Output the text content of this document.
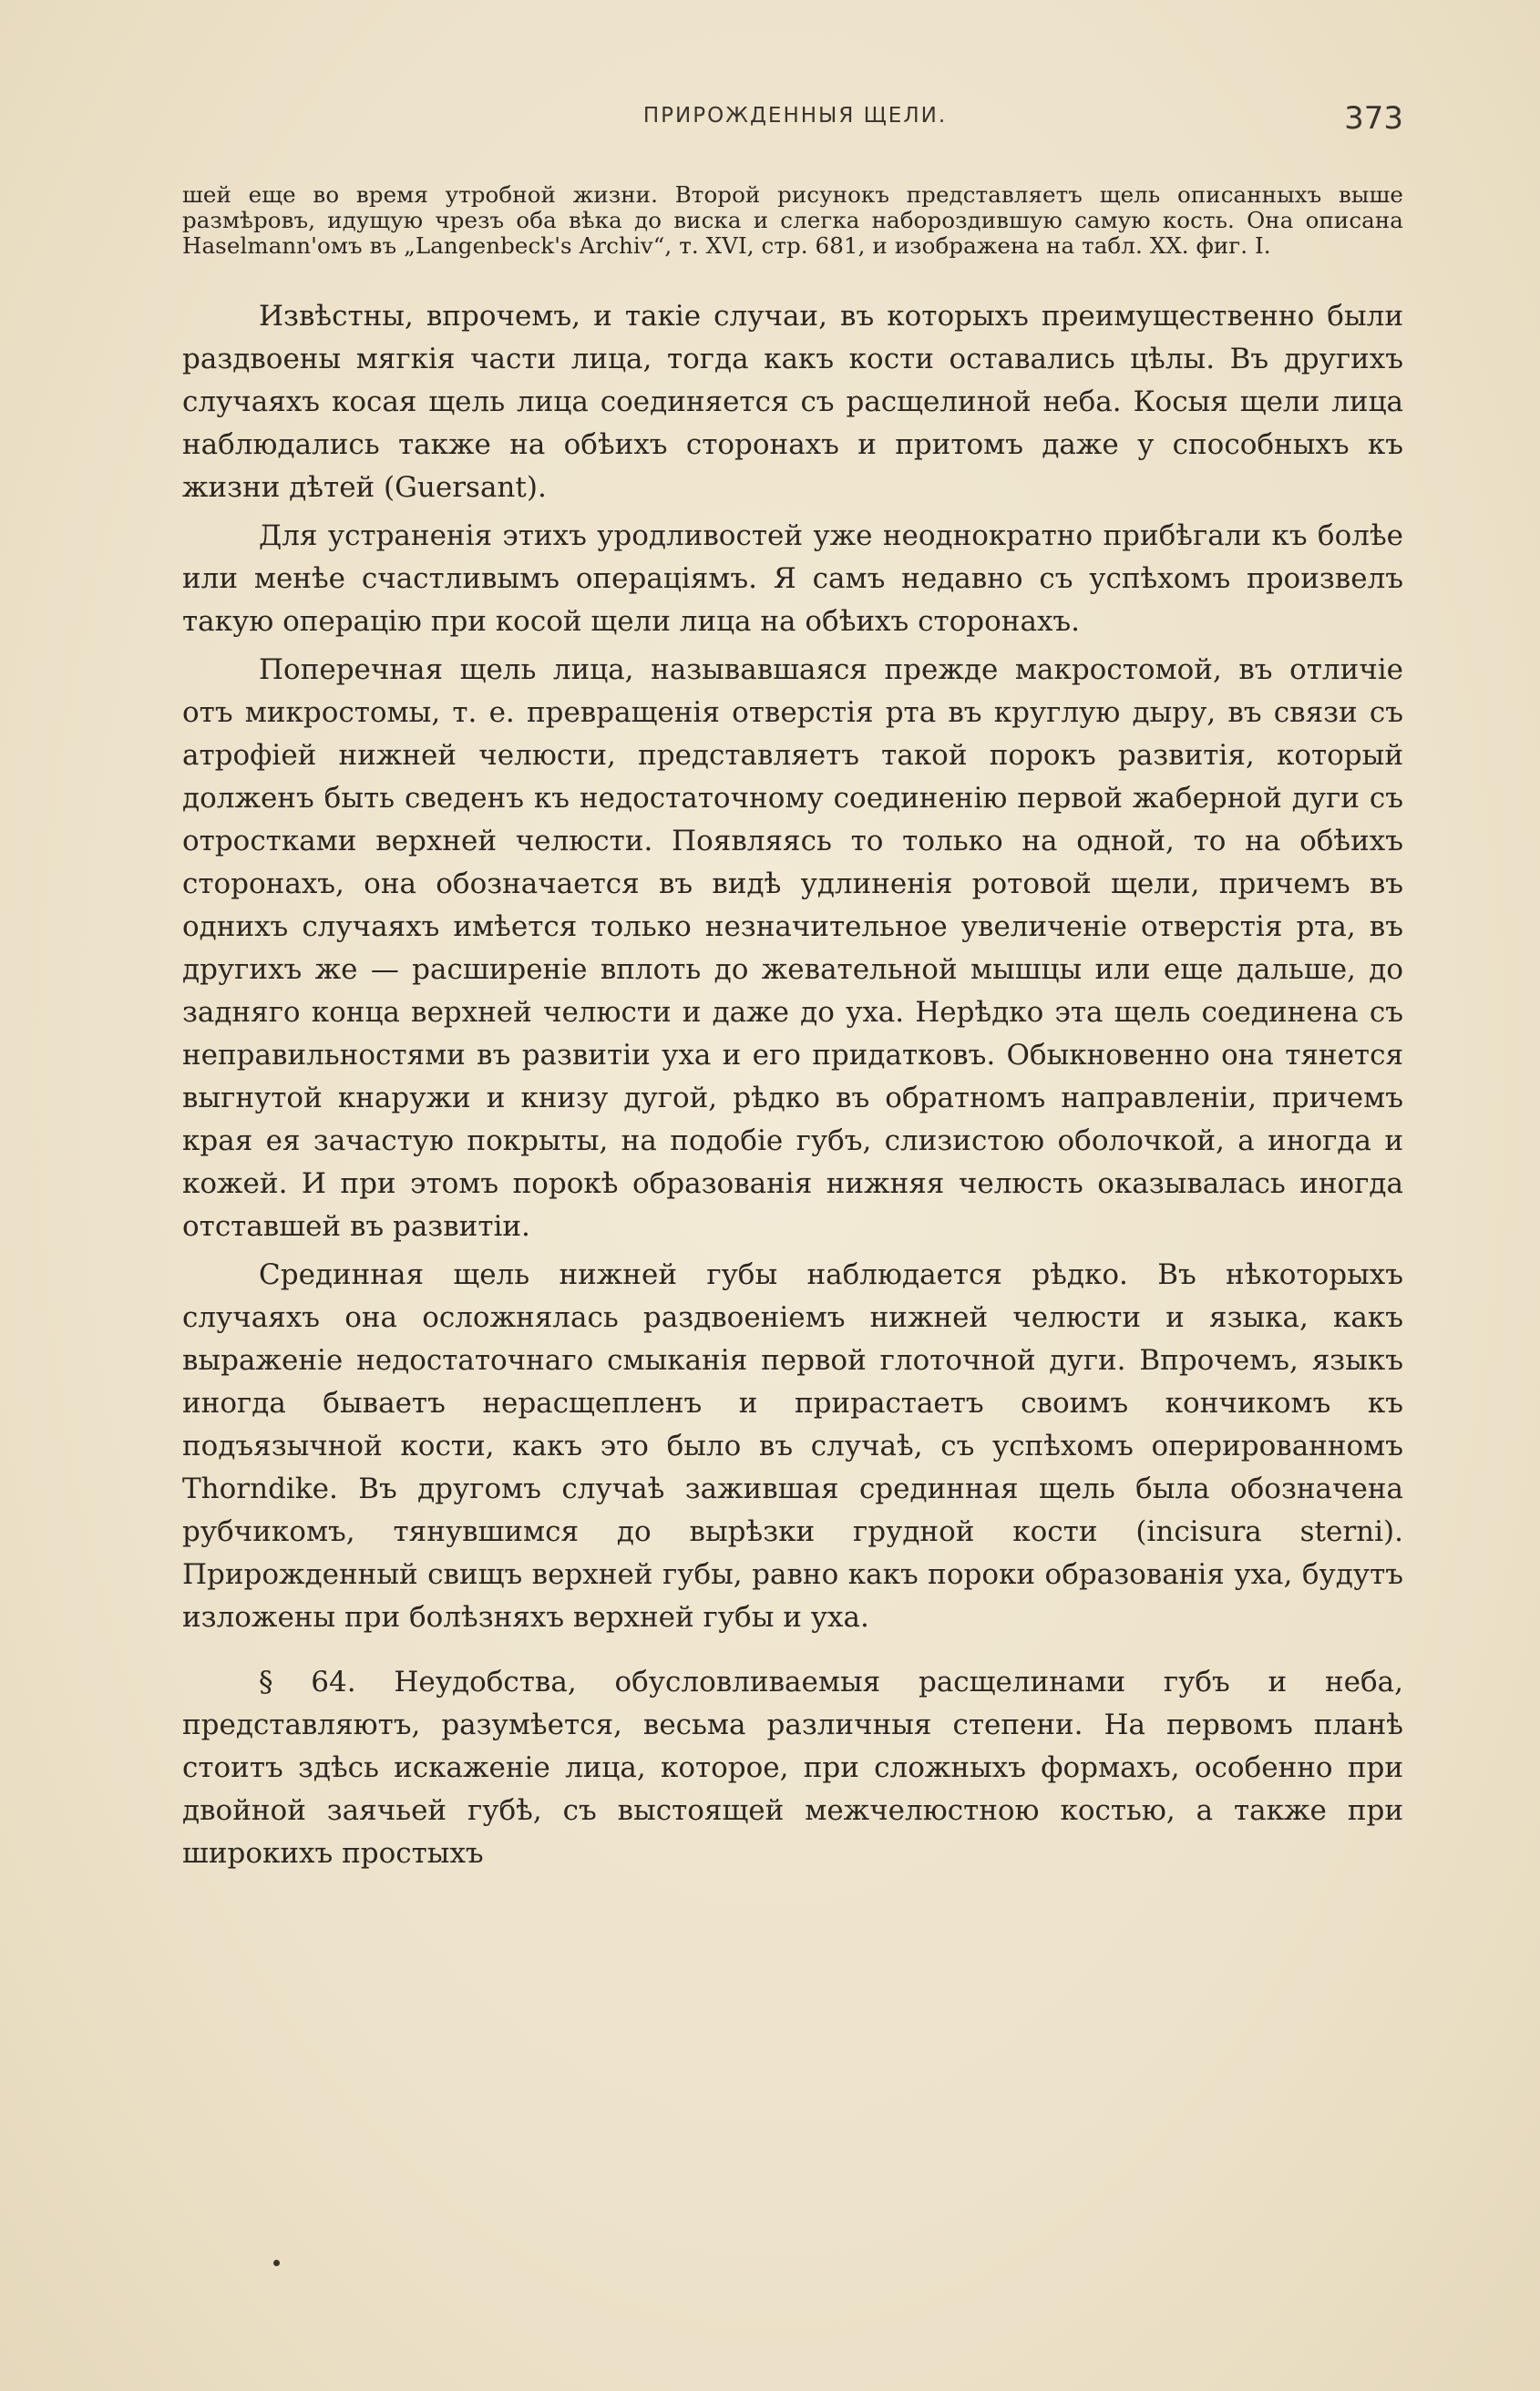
ПРИРОЖДЕННЫЯ ЩЕЛИ.	373

шей еще во время утробной жизни. Второй рисунокъ представляетъ щель описанныхъ выше размѣровъ, идущую чрезъ оба вѣка до виска и слегка набороздившую самую кость. Она описана Haselmann'омъ въ „Langenbeck's Archiv“, т. XVI, стр. 681, и изображена на табл. XX. фиг. I.

Извѣстны, впрочемъ, и такіе случаи, въ которыхъ преимущественно были раздвоены мягкія части лица, тогда какъ кости оставались цѣлы. Въ другихъ случаяхъ косая щель лица соединяется съ расщелиной неба. Косыя щели лица наблюдались также на обѣихъ сторонахъ и притомъ даже у способныхъ къ жизни дѣтей (Guersant).

Для устраненія этихъ уродливостей уже неоднократно прибѣгали къ болѣе или менѣе счастливымъ операціямъ. Я самъ недавно съ успѣхомъ произвелъ такую операцію при косой щели лица на обѣихъ сторонахъ.

Поперечная щель лица, называвшаяся прежде макростомой, въ отличіе отъ микростомы, т. е. превращенія отверстія рта въ круглую дыру, въ связи съ атрофіей нижней челюсти, представляетъ такой порокъ развитія, который долженъ быть сведенъ къ недостаточному соединенію первой жаберной дуги съ отростками верхней челюсти. Появляясь то только на одной, то на обѣихъ сторонахъ, она обозначается въ видѣ удлиненія ротовой щели, причемъ въ однихъ случаяхъ имѣется только незначительное увеличеніе отверстія рта, въ другихъ же — расширеніе вплоть до жевательной мышцы или еще дальше, до задняго конца верхней челюсти и даже до уха. Нерѣдко эта щель соединена съ неправильностями въ развитіи уха и его придатковъ. Обыкновенно она тянется выгнутой кнаружи и книзу дугой, рѣдко въ обратномъ направленіи, причемъ края ея зачастую покрыты, на подобіе губъ, слизистою оболочкой, а иногда и кожей. И при этомъ порокѣ образованія нижняя челюсть оказывалась иногда отставшей въ развитіи.

Срединная щель нижней губы наблюдается рѣдко. Въ нѣкоторыхъ случаяхъ она осложнялась раздвоеніемъ нижней челюсти и языка, какъ выраженіе недостаточнаго смыканія первой глоточной дуги. Впрочемъ, языкъ иногда бываетъ нерасщепленъ и прирастаетъ своимъ кончикомъ къ подъязычной кости, какъ это было въ случаѣ, съ успѣхомъ оперированномъ Thorndike. Въ другомъ случаѣ зажившая срединная щель была обозначена рубчикомъ, тянувшимся до вырѣзки грудной кости (incisura sterni). Прирожденный свищъ верхней губы, равно какъ пороки образованія уха, будутъ изложены при болѣзняхъ верхней губы и уха.

§ 64. Неудобства, обусловливаемыя расщелинами губъ и неба, представляютъ, разумѣется, весьма различныя степени. На первомъ планѣ стоитъ здѣсь искаженіе лица, которое, при сложныхъ формахъ, особенно при двойной заячьей губѣ, съ выстоящей межчелюстною костью, а также при широкихъ простыхъ
